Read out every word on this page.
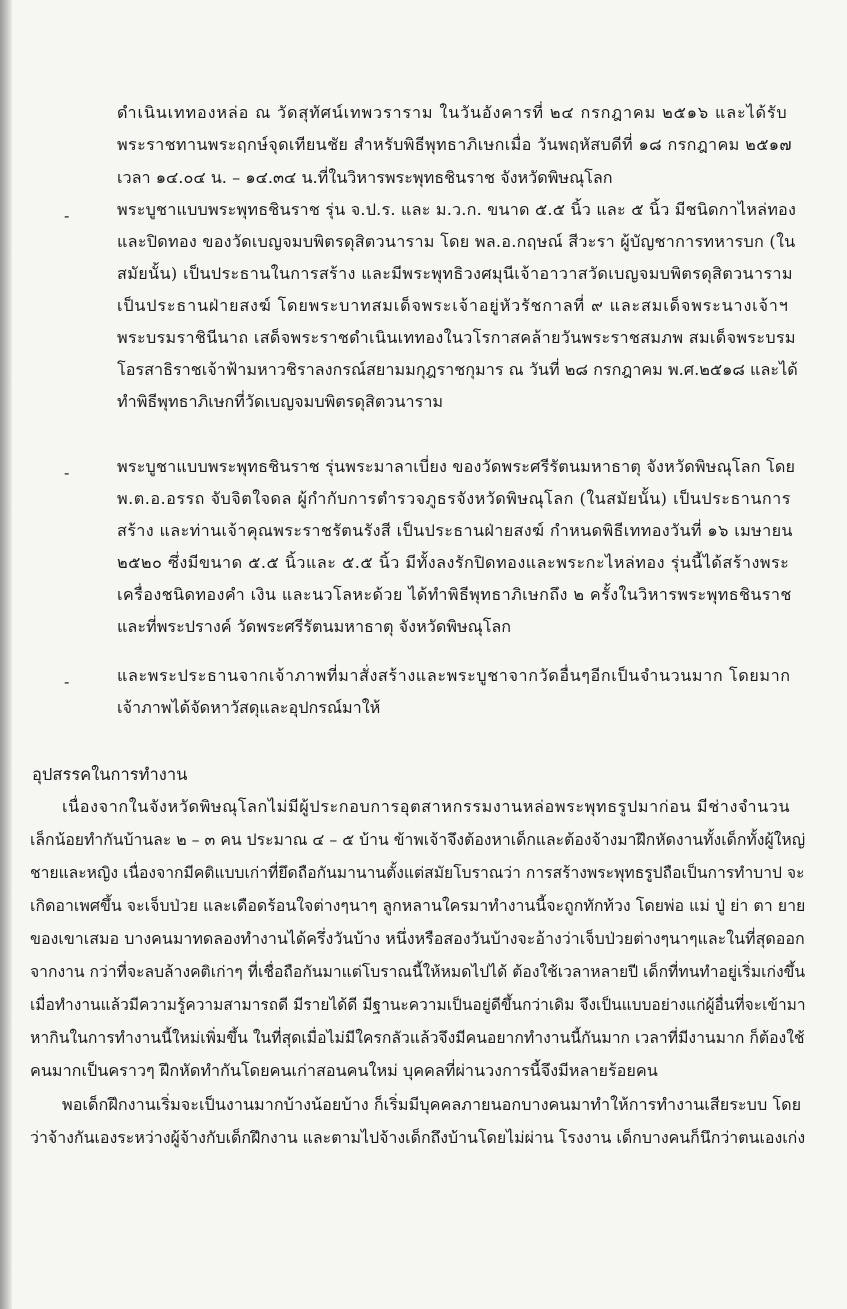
ดำเนินเททองหล่อ ณ วัดสุทัศน์เทพวราราม ในวันอังคารที่ ๒๔ กรกฎาคม ๒๕๑๖ และได้รับ

พระราชทานพระฤกษ์จุดเทียนชัย สำหรับพิธีพุทธาภิเษกเมื่อ วันพฤหัสบดีที่ ๑๘ กรกฎาคม ๒๕๑๗

เวลา ๑๔.๐๔ น. – ๑๔.๓๔ น.ที่ในวิหารพระพุทธชินราช จังหวัดพิษณุโลก

-	พระบูชาแบบพระพุทธชินราช รุ่น จ.ป.ร. และ ม.ว.ก. ขนาด ๕.๕ นิ้ว และ ๕ นิ้ว มีชนิดกาไหล่ทอง

และปิดทอง ของวัดเบญจมบพิตรดุสิตวนาราม โดย พล.อ.กฤษณ์ สีวะรา ผู้บัญชาการทหารบก (ใน

สมัยนั้น) เป็นประธานในการสร้าง และมีพระพุทธิวงศมุนีเจ้าอาวาสวัดเบญจมบพิตรดุสิตวนาราม

เป็นประธานฝ่ายสงฆ์ โดยพระบาทสมเด็จพระเจ้าอยู่หัวรัชกาลที่ ๙ และสมเด็จพระนางเจ้าฯ

พระบรมราชินีนาถ เสด็จพระราชดำเนินเททองในวโรกาสคล้ายวันพระราชสมภพ สมเด็จพระบรม

โอรสาธิราชเจ้าฟ้ามหาวชิราลงกรณ์สยามมกุฎราชกุมาร ณ วันที่ ๒๘ กรกฎาคม พ.ศ.๒๕๑๘ และได้

ทำพิธีพุทธาภิเษกที่วัดเบญจมบพิตรดุสิตวนาราม

-	พระบูชาแบบพระพุทธชินราช รุ่นพระมาลาเบี่ยง ของวัดพระศรีรัตนมหาธาตุ จังหวัดพิษณุโลก โดย

พ.ต.อ.อรรถ จับจิตใจดล ผู้กำกับการตำรวจภูธรจังหวัดพิษณุโลก (ในสมัยนั้น) เป็นประธานการ

สร้าง และท่านเจ้าคุณพระราชรัตนรังสี เป็นประธานฝ่ายสงฆ์ กำหนดพิธีเททองวันที่ ๑๖ เมษายน

๒๕๒๐ ซึ่งมีขนาด ๕.๕ นิ้วและ ๕.๕ นิ้ว มีทั้งลงรักปิดทองและพระกะไหล่ทอง รุ่นนี้ได้สร้างพระ

เครื่องชนิดทองคำ เงิน และนวโลหะด้วย ได้ทำพิธีพุทธาภิเษกถึง ๒ ครั้งในวิหารพระพุทธชินราช

และที่พระปรางค์ วัดพระศรีรัตนมหาธาตุ จังหวัดพิษณุโลก

-	และพระประธานจากเจ้าภาพที่มาสั่งสร้างและพระบูชาจากวัดอื่นๆอีกเป็นจำนวนมาก โดยมาก

เจ้าภาพได้จัดหาวัสดุและอุปกรณ์มาให้

อุปสรรคในการทำงาน

เนื่องจากในจังหวัดพิษณุโลกไม่มีผู้ประกอบการอุตสาหกรรมงานหล่อพระพุทธรูปมาก่อน มีช่างจำนวน

เล็กน้อยทำกันบ้านละ ๒ – ๓ คน ประมาณ ๔ – ๕ บ้าน ข้าพเจ้าจึงต้องหาเด็กและต้องจ้างมาฝึกหัดงานทั้งเด็กทั้งผู้ใหญ่

ชายและหญิง เนื่องจากมีคติแบบเก่าที่ยึดถือกันมานานตั้งแต่สมัยโบราณว่า การสร้างพระพุทธรูปถือเป็นการทำบาป จะ

เกิดอาเพศขึ้น จะเจ็บป่วย และเดือดร้อนใจต่างๆนาๆ ลูกหลานใครมาทำงานนี้จะถูกทักท้วง โดยพ่อ แม่ ปู่ ย่า ตา ยาย

ของเขาเสมอ บางคนมาทดลองทำงานได้ครึ่งวันบ้าง หนึ่งหรือสองวันบ้างจะอ้างว่าเจ็บป่วยต่างๆนาๆและในที่สุดออก

จากงาน กว่าที่จะลบล้างคติเก่าๆ ที่เชื่อถือกันมาแต่โบราณนี้ให้หมดไปได้ ต้องใช้เวลาหลายปี เด็กที่ทนทำอยู่เริ่มเก่งขึ้น

เมื่อทำงานแล้วมีความรู้ความสามารถดี มีรายได้ดี มีฐานะความเป็นอยู่ดีขึ้นกว่าเดิม จึงเป็นแบบอย่างแก่ผู้อื่นที่จะเข้ามา

หากินในการทำงานนี้ใหม่เพิ่มขึ้น ในที่สุดเมื่อไม่มีใครกลัวแล้วจึงมีคนอยากทำงานนี้กันมาก เวลาที่มีงานมาก ก็ต้องใช้

คนมากเป็นคราวๆ ฝึกหัดทำกันโดยคนเก่าสอนคนใหม่ บุคคลที่ผ่านวงการนี้จึงมีหลายร้อยคน

พอเด็กฝึกงานเริ่มจะเป็นงานมากบ้างน้อยบ้าง ก็เริ่มมีบุคคลภายนอกบางคนมาทำให้การทำงานเสียระบบ โดย

ว่าจ้างกันเองระหว่างผู้จ้างกับเด็กฝึกงาน และตามไปจ้างเด็กถึงบ้านโดยไม่ผ่าน โรงงาน เด็กบางคนก็นึกว่าตนเองเก่ง
